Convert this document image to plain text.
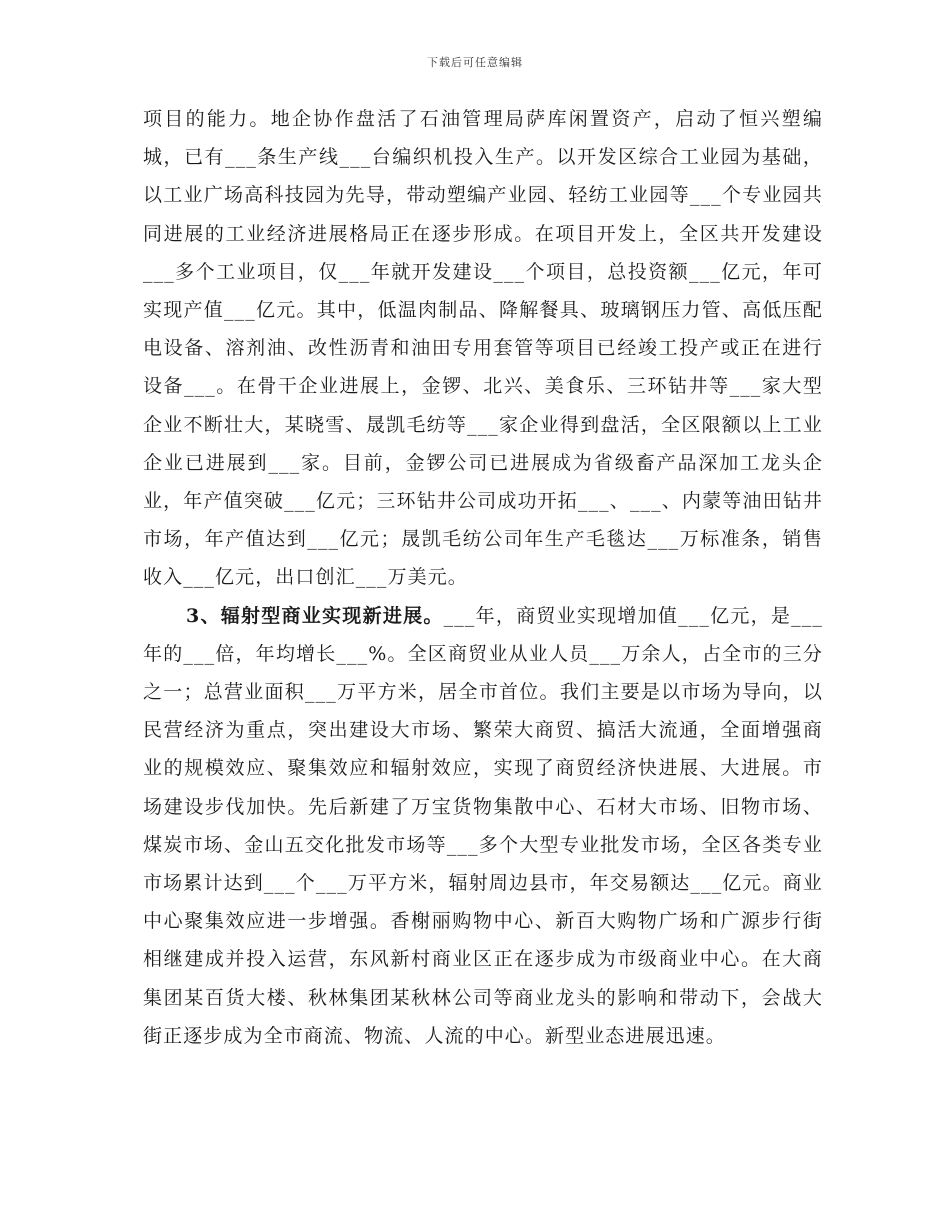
下载后可任意编辑

项目的能力。地企协作盘活了石油管理局萨库闲置资产，启动了恒兴塑编城，已有___条生产线___台编织机投入生产。以开发区综合工业园为基础，以工业广场高科技园为先导，带动塑编产业园、轻纺工业园等___个专业园共同进展的工业经济进展格局正在逐步形成。在项目开发上，全区共开发建设___多个工业项目，仅___年就开发建设___个项目，总投资额___亿元，年可实现产值___亿元。其中，低温肉制品、降解餐具、玻璃钢压力管、高低压配电设备、溶剂油、改性沥青和油田专用套管等项目已经竣工投产或正在进行设备___。在骨干企业进展上，金锣、北兴、美食乐、三环钻井等___家大型企业不断壮大，某晓雪、晟凯毛纺等___家企业得到盘活，全区限额以上工业企业已进展到___家。目前，金锣公司已进展成为省级畜产品深加工龙头企业，年产值突破___亿元；三环钻井公司成功开拓___、___、内蒙等油田钻井市场，年产值达到___亿元；晟凯毛纺公司年生产毛毯达___万标准条，销售收入___亿元，出口创汇___万美元。

3、辐射型商业实现新进展。___年，商贸业实现增加值___亿元，是___年的___倍，年均增长___%。全区商贸业从业人员___万余人，占全市的三分之一；总营业面积___万平方米，居全市首位。我们主要是以市场为导向，以民营经济为重点，突出建设大市场、繁荣大商贸、搞活大流通，全面增强商业的规模效应、聚集效应和辐射效应，实现了商贸经济快进展、大进展。市场建设步伐加快。先后新建了万宝货物集散中心、石材大市场、旧物市场、煤炭市场、金山五交化批发市场等___多个大型专业批发市场，全区各类专业市场累计达到___个___万平方米，辐射周边县市，年交易额达___亿元。商业中心聚集效应进一步增强。香榭丽购物中心、新百大购物广场和广源步行街相继建成并投入运营，东风新村商业区正在逐步成为市级商业中心。在大商集团某百货大楼、秋林集团某秋林公司等商业龙头的影响和带动下，会战大街正逐步成为全市商流、物流、人流的中心。新型业态进展迅速。
